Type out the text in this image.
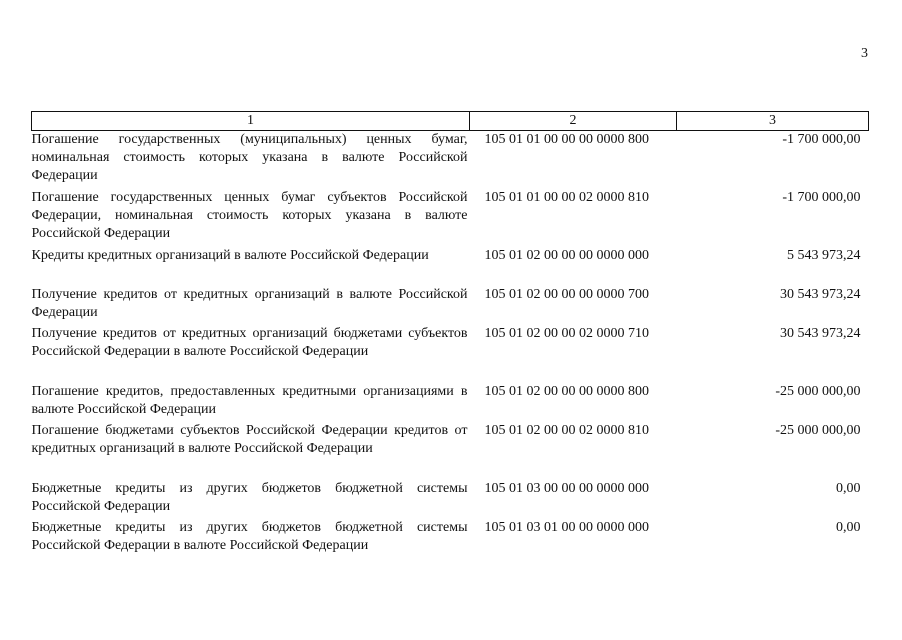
3
1	2	3
Погашение государственных (муниципальных) ценных бумаг, номинальная стоимость которых указана в валюте Российской Федерации	105 01 01 00 00 00 0000 800	-1 700 000,00
Погашение государственных ценных бумаг субъектов Российской Федерации, номинальная стоимость которых указана в валюте Российской Федерации	105 01 01 00 00 02 0000 810	-1 700 000,00
Кредиты кредитных организаций в валюте Российской Федерации	105 01 02 00 00 00 0000 000	5 543 973,24
Получение кредитов от кредитных организаций в валюте Российской Федерации	105 01 02 00 00 00 0000 700	30 543 973,24
Получение кредитов от кредитных организаций бюджетами субъектов Российской Федерации в валюте Российской Федерации	105 01 02 00 00 02 0000 710	30 543 973,24
Погашение кредитов, предоставленных кредитными организациями в валюте Российской Федерации	105 01 02 00 00 00 0000 800	-25 000 000,00
Погашение бюджетами субъектов Российской Федерации кредитов от кредитных организаций в валюте Российской Федерации	105 01 02 00 00 02 0000 810	-25 000 000,00
Бюджетные кредиты из других бюджетов бюджетной системы Российской Федерации	105 01 03 00 00 00 0000 000	0,00
Бюджетные кредиты из других бюджетов бюджетной системы Российской Федерации в валюте Российской Федерации	105 01 03 01 00 00 0000 000	0,00
